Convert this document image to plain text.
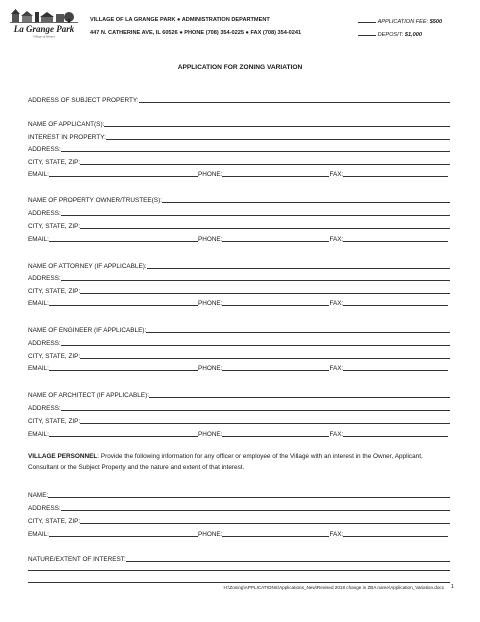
La Grange Park
Village of Homes
VILLAGE OF LA GRANGE PARK ● ADMINISTRATION DEPARTMENT
447 N. CATHERINE AVE, IL 60526 ● PHONE (708) 354-0225 ● FAX (708) 354-0241
APPLICATION FEE: $500
DEPOSIT: $1,000
APPLICATION FOR ZONING VARIATION
ADDRESS OF SUBJECT PROPERTY:
NAME OF APPLICANT(S):
INTEREST IN PROPERTY:
ADDRESS:
CITY, STATE, ZIP:
EMAIL:	PHONE:	FAX:
NAME OF PROPERTY OWNER/TRUSTEE(S):
ADDRESS:
CITY, STATE, ZIP:
EMAIL:	PHONE:	FAX:
NAME OF ATTORNEY (IF APPLICABLE):
ADDRESS:
CITY, STATE, ZIP:
EMAIL:	PHONE:	FAX:
NAME OF ENGINEER (IF APPLICABLE):
ADDRESS:
CITY, STATE, ZIP:
EMAIL:	PHONE:	FAX:
NAME OF ARCHITECT (IF APPLICABLE):
ADDRESS:
CITY, STATE, ZIP:
EMAIL:	PHONE:	FAX:
VILLAGE PERSONNEL: Provide the following information for any officer or employee of the Village with an interest in the Owner, Applicant, Consultant or the Subject Property and the nature and extent of that interest.
NAME:
ADDRESS:
CITY, STATE, ZIP:
EMAIL:	PHONE:	FAX:
NATURE/EXTENT OF INTEREST:
H:\Zoning\APPLICATIONS\Applications_New\Revised 2018 change in ZBA name\Application_Variation.docx 1
